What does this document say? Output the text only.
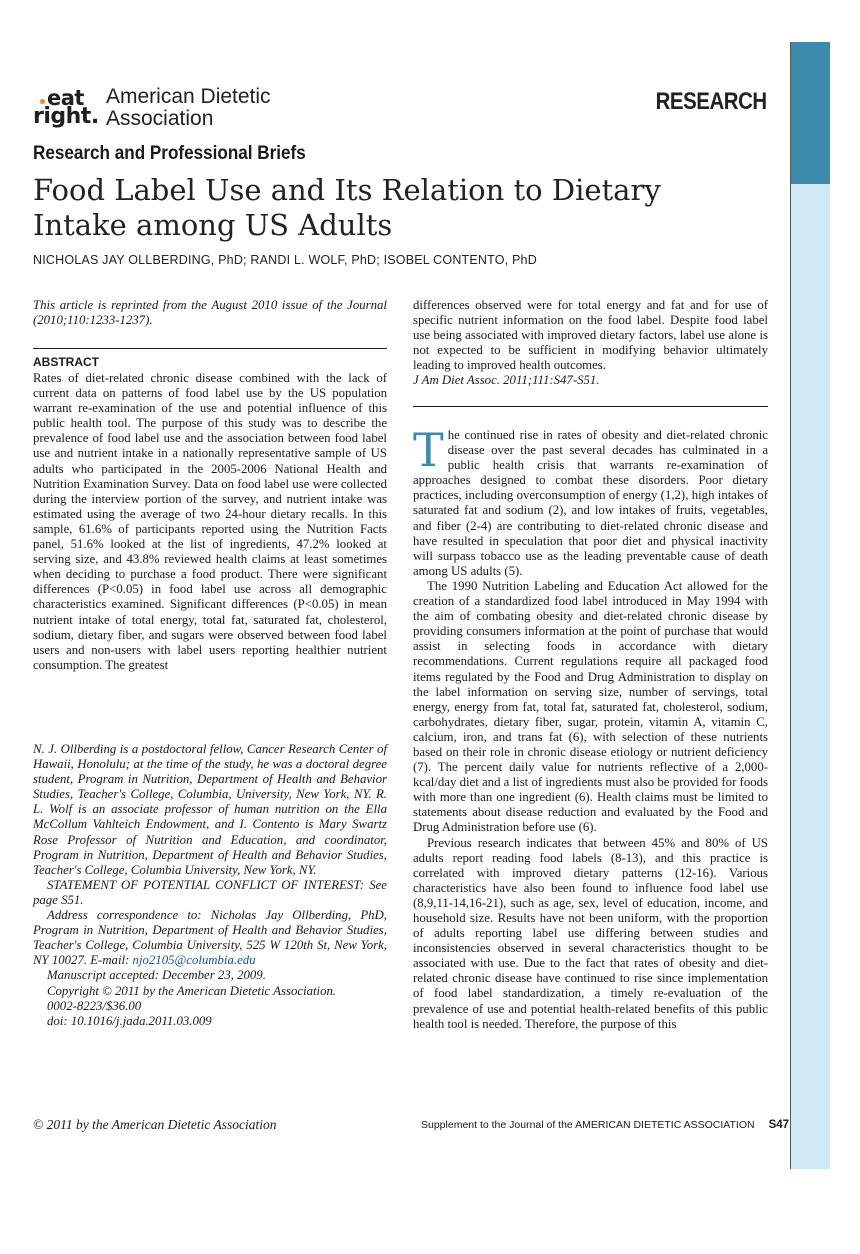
eat
right.
American Dietetic
Association
RESEARCH
Research and Professional Briefs
Food Label Use and Its Relation to Dietary Intake among US Adults
NICHOLAS JAY OLLBERDING, PhD; RANDI L. WOLF, PhD; ISOBEL CONTENTO, PhD
This article is reprinted from the August 2010 issue of the Journal (2010;110:1233-1237).
ABSTRACT
Rates of diet-related chronic disease combined with the lack of current data on patterns of food label use by the US population warrant re-examination of the use and potential influence of this public health tool. The purpose of this study was to describe the prevalence of food label use and the association between food label use and nutrient intake in a nationally representative sample of US adults who participated in the 2005-2006 National Health and Nutrition Examination Survey. Data on food label use were collected during the interview portion of the survey, and nutrient intake was estimated using the average of two 24-hour dietary recalls. In this sample, 61.6% of participants reported using the Nutrition Facts panel, 51.6% looked at the list of ingredients, 47.2% looked at serving size, and 43.8% reviewed health claims at least sometimes when deciding to purchase a food product. There were significant differences (P<0.05) in food label use across all demographic characteristics examined. Significant differences (P<0.05) in mean nutrient intake of total energy, total fat, saturated fat, cholesterol, sodium, dietary fiber, and sugars were observed between food label users and non-users with label users reporting healthier nutrient consumption. The greatest

N. J. Ollberding is a postdoctoral fellow, Cancer Research Center of Hawaii, Honolulu; at the time of the study, he was a doctoral degree student, Program in Nutrition, Department of Health and Behavior Studies, Teacher's College, Columbia, University, New York, NY. R. L. Wolf is an associate professor of human nutrition on the Ella McCollum Vahlteich Endowment, and I. Contento is Mary Swartz Rose Professor of Nutrition and Education, and coordinator, Program in Nutrition, Department of Health and Behavior Studies, Teacher's College, Columbia University, New York, NY.

STATEMENT OF POTENTIAL CONFLICT OF INTEREST: See page S51.

Address correspondence to: Nicholas Jay Ollberding, PhD, Program in Nutrition, Department of Health and Behavior Studies, Teacher's College, Columbia University, 525 W 120th St, New York, NY 10027. E-mail: njo2105@columbia.edu

Manuscript accepted: December 23, 2009.

Copyright © 2011 by the American Dietetic Association.

0002-8223/$36.00

doi: 10.1016/j.jada.2011.03.009

differences observed were for total energy and fat and for use of specific nutrient information on the food label. Despite food label use being associated with improved dietary factors, label use alone is not expected to be sufficient in modifying behavior ultimately leading to improved health outcomes.
J Am Diet Assoc. 2011;111:S47-S51.

The continued rise in rates of obesity and diet-related chronic disease over the past several decades has culminated in a public health crisis that warrants re-examination of approaches designed to combat these disorders. Poor dietary practices, including overconsumption of energy (1,2), high intakes of saturated fat and sodium (2), and low intakes of fruits, vegetables, and fiber (2-4) are contributing to diet-related chronic disease and have resulted in speculation that poor diet and physical inactivity will surpass tobacco use as the leading preventable cause of death among US adults (5).

The 1990 Nutrition Labeling and Education Act allowed for the creation of a standardized food label introduced in May 1994 with the aim of combating obesity and diet-related chronic disease by providing consumers information at the point of purchase that would assist in selecting foods in accordance with dietary recommendations. Current regulations require all packaged food items regulated by the Food and Drug Administration to display on the label information on serving size, number of servings, total energy, energy from fat, total fat, saturated fat, cholesterol, sodium, carbohydrates, dietary fiber, sugar, protein, vitamin A, vitamin C, calcium, iron, and trans fat (6), with selection of these nutrients based on their role in chronic disease etiology or nutrient deficiency (7). The percent daily value for nutrients reflective of a 2,000-kcal/day diet and a list of ingredients must also be provided for foods with more than one ingredient (6). Health claims must be limited to statements about disease reduction and evaluated by the Food and Drug Administration before use (6).

Previous research indicates that between 45% and 80% of US adults report reading food labels (8-13), and this practice is correlated with improved dietary patterns (12-16). Various characteristics have also been found to influence food label use (8,9,11-14,16-21), such as age, sex, level of education, income, and household size. Results have not been uniform, with the proportion of adults reporting label use differing between studies and inconsistencies observed in several characteristics thought to be associated with use. Due to the fact that rates of obesity and diet-related chronic disease have continued to rise since implementation of food label standardization, a timely re-evaluation of the prevalence of use and potential health-related benefits of this public health tool is needed. Therefore, the purpose of this

© 2011 by the American Dietetic Association	Supplement to the Journal of the AMERICAN DIETETIC ASSOCIATION S47
